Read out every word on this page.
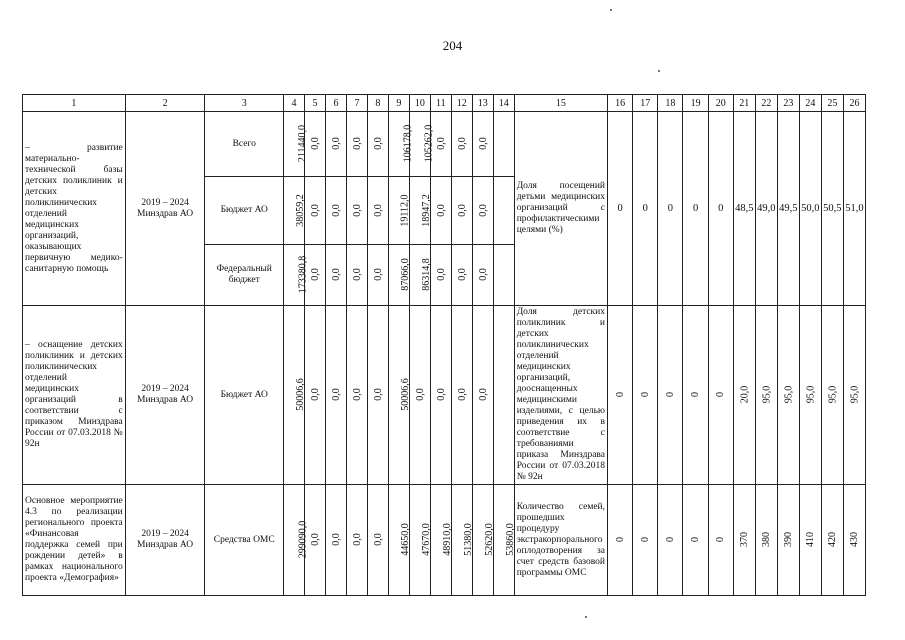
204
1	2	3	4	5	6	7	8	9	10	11	12	13	14	15	16	17	18	19	20	21	22	23	24	25	26
– развитие материально-технической базы детских поликлиник и детских поликлинических отделений медицинских организаций, оказывающих первичную медико-санитарную помощь	2019 – 2024 Минздрав АО	Всего	211440,0	0,0	0,0	0,0	0,0	106178,0	105262,0	0,0	0,0	0,0		Доля посещений детьми медицинских организаций с профилактическими целями (%)	0	0	0	0	0	48,5	49,0	49,5	50,0	50,5	51,0
		Бюджет АО	38059,2	0,0	0,0	0,0	0,0	19112,0	18947,2	0,0	0,0	0,0													
		Федеральный бюджет	173380,8	0,0	0,0	0,0	0,0	87066,0	86314,8	0,0	0,0	0,0													
– оснащение детских поликлиник и детских поликлинических отделений медицинских организаций в соответствии с приказом Минздрава России от 07.03.2018 № 92н	2019 – 2024 Минздрав АО	Бюджет АО	50006,6	0,0	0,0	0,0	0,0	50006,6	0,0	0,0	0,0	0,0		Доля детских поликлиник и детских поликлинических отделений медицинских организаций, дооснащенных медицинскими изделиями, с целью приведения их в соответствие с требованиями приказа Минздрава России от 07.03.2018 № 92н	0	0	0	0	0	20,0	95,0	95,0	95,0	95,0	95,0
Основное мероприятие 4.3 по реализации регионального проекта «Финансовая поддержка семей при рождении детей» в рамках национального проекта «Демография»	2019 – 2024 Минздрав АО	Средства ОМС	299090,0	0,0	0,0	0,0	0,0	44650,0	47670,0	48910,0	51380,0	52620,0	53860,0	Количество семей, прошедших процедуру экстракорпорального оплодотворения за счет средств базовой программы ОМС	0	0	0	0	0	370	380	390	410	420	430
